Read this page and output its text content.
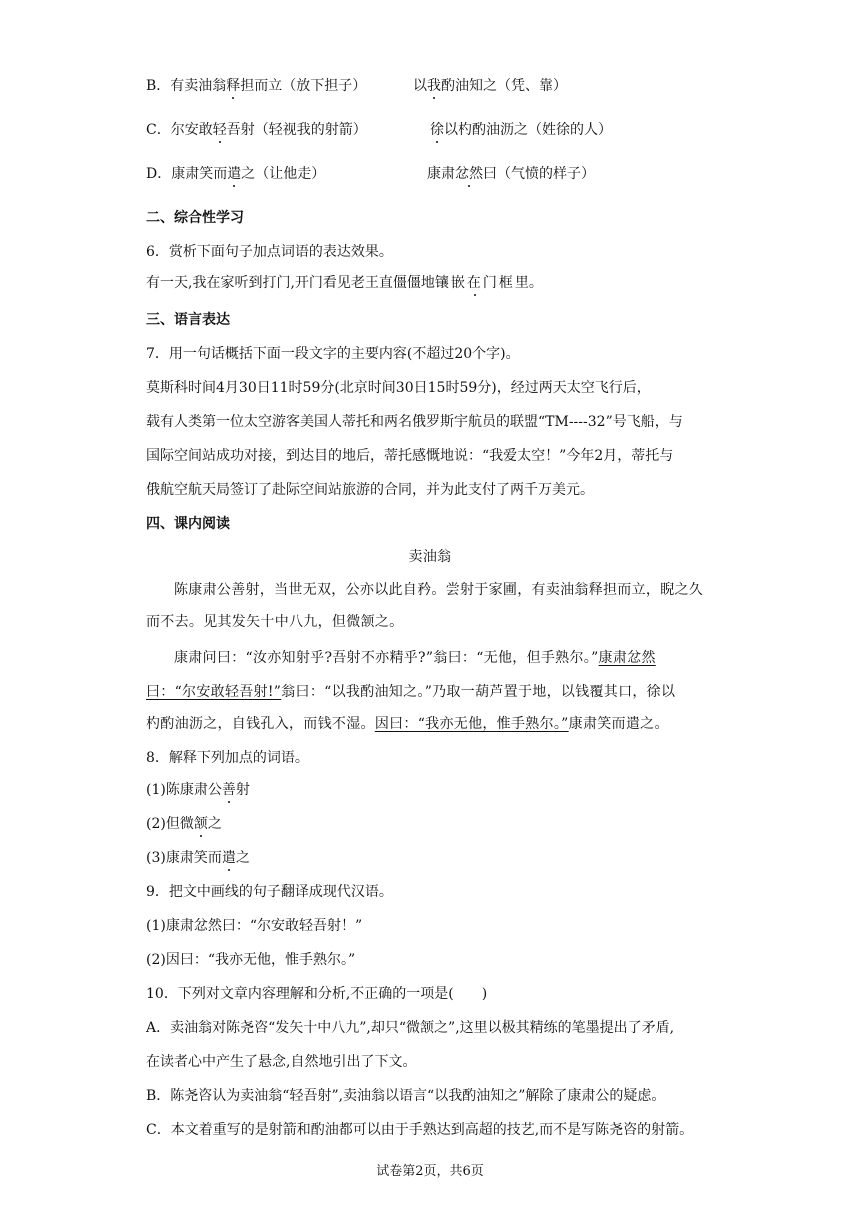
B．有卖油翁释担而立（放下担子）	以我酌油知之（凭、靠）
C．尔安敢轻吾射（轻视我的射箭）	徐以杓酌油沥之（姓徐的人）
D．康肃笑而遣之（让他走）	康肃忿然曰（气愤的样子）
二、综合性学习
6．赏析下面句子加点词语的表达效果。
有一天,我在家听到打门,开门看见老王直僵僵地镶嵌在门框里。
三、语言表达
7．用一句话概括下面一段文字的主要内容(不超过20个字)。
莫斯科时间4月30日11时59分(北京时间30日15时59分)，经过两天太空飞行后，
载有人类第一位太空游客美国人蒂托和两名俄罗斯宇航员的联盟“TM----32”号飞船，与
国际空间站成功对接，到达目的地后，蒂托感慨地说：“我爱太空！”今年2月，蒂托与
俄航空航天局签订了赴际空间站旅游的合同，并为此支付了两千万美元。
四、课内阅读
卖油翁
陈康肃公善射，当世无双，公亦以此自矜。尝射于家圃，有卖油翁释担而立，睨之久
而不去。见其发矢十中八九，但微颔之。
康肃问曰：“汝亦知射乎?吾射不亦精乎?”翁曰：“无他，但手熟尔。”康肃忿然
曰：“尔安敢轻吾射!”翁曰：“以我酌油知之。”乃取一葫芦置于地，以钱覆其口，徐以
杓酌油沥之，自钱孔入，而钱不湿。因曰：“我亦无他，惟手熟尔。”康肃笑而遣之。
8．解释下列加点的词语。
(1)陈康肃公善射
(2)但微颔之
(3)康肃笑而遣之
9．把文中画线的句子翻译成现代汉语。
(1)康肃忿然曰：“尔安敢轻吾射！”
(2)因曰：“我亦无他，惟手熟尔。”
10．下列对文章内容理解和分析,不正确的一项是(　　)
A．卖油翁对陈尧咨“发矢十中八九”,却只“微颔之”,这里以极其精练的笔墨提出了矛盾,
在读者心中产生了悬念,自然地引出了下文。
B．陈尧咨认为卖油翁“轻吾射”,卖油翁以语言“以我酌油知之”解除了康肃公的疑虑。
C．本文着重写的是射箭和酌油都可以由于手熟达到高超的技艺,而不是写陈尧咨的射箭。
试卷第2页，共6页
